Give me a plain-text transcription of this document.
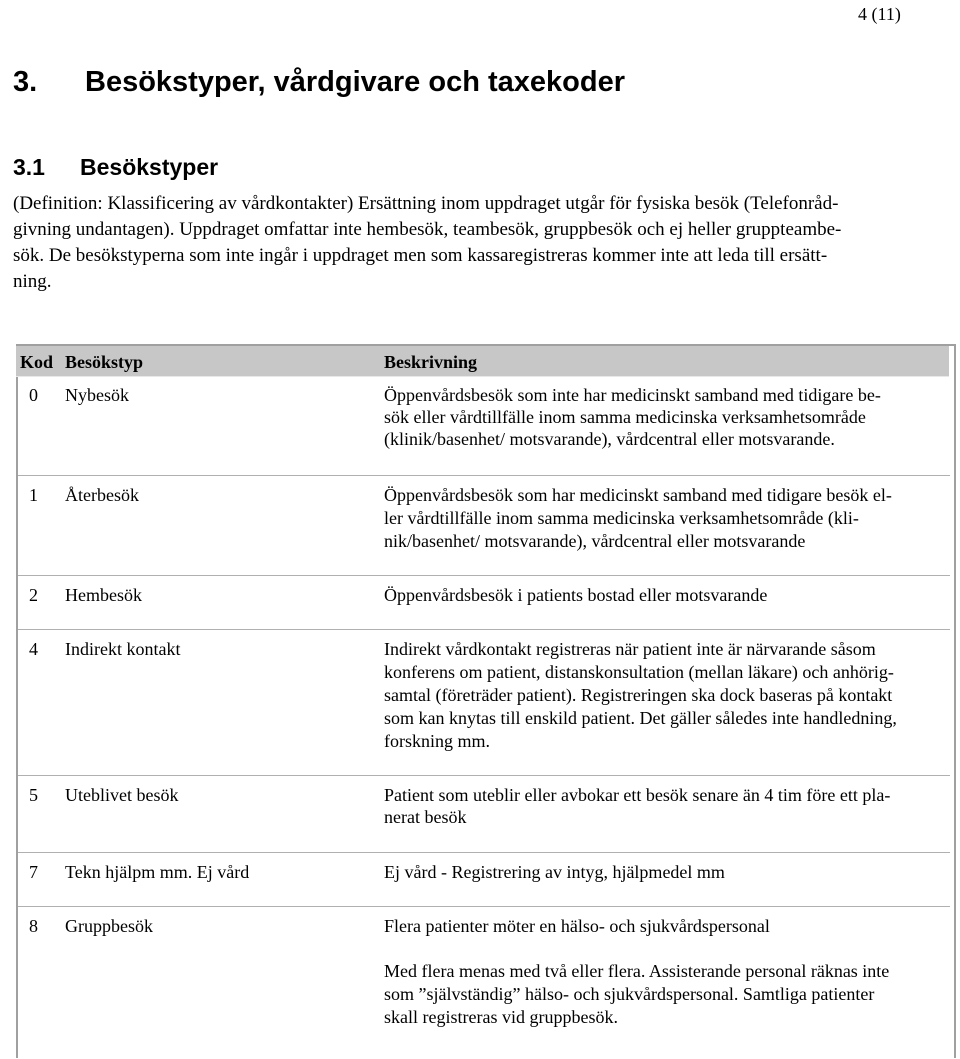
4 (11)
3. Besökstyper, vårdgivare och taxekoder
3.1 Besökstyper
(Definition: Klassificering av vårdkontakter) Ersättning inom uppdraget utgår för fysiska besök (Telefonråd-
givning undantagen). Uppdraget omfattar inte hembesök, teambesök, gruppbesök och ej heller gruppteambe-
sök. De besökstyperna som inte ingår i uppdraget men som kassaregistreras kommer inte att leda till ersätt-
ning.
Kod Besökstyp	Beskrivning
0 Nybesök	Öppenvårdsbesök som inte har medicinskt samband med tidigare be-
sök eller vårdtillfälle inom samma medicinska verksamhetsområde
(klinik/basenhet/ motsvarande), vårdcentral eller motsvarande.
1 Återbesök	Öppenvårdsbesök som har medicinskt samband med tidigare besök el-
ler vårdtillfälle inom samma medicinska verksamhetsområde (kli-
nik/basenhet/ motsvarande), vårdcentral eller motsvarande
2 Hembesök	Öppenvårdsbesök i patients bostad eller motsvarande
4 Indirekt kontakt	Indirekt vårdkontakt registreras när patient inte är närvarande såsom
konferens om patient, distanskonsultation (mellan läkare) och anhörig-
samtal (företräder patient). Registreringen ska dock baseras på kontakt
som kan knytas till enskild patient. Det gäller således inte handledning,
forskning mm.
5 Uteblivet besök	Patient som uteblir eller avbokar ett besök senare än 4 tim före ett pla-
nerat besök
7 Tekn hjälpm mm. Ej vård	Ej vård - Registrering av intyg, hjälpmedel mm
8 Gruppbesök	Flera patienter möter en hälso- och sjukvårdspersonal
Med flera menas med två eller flera. Assisterande personal räknas inte
som ”självständig” hälso- och sjukvårdspersonal. Samtliga patienter
skall registreras vid gruppbesök.
